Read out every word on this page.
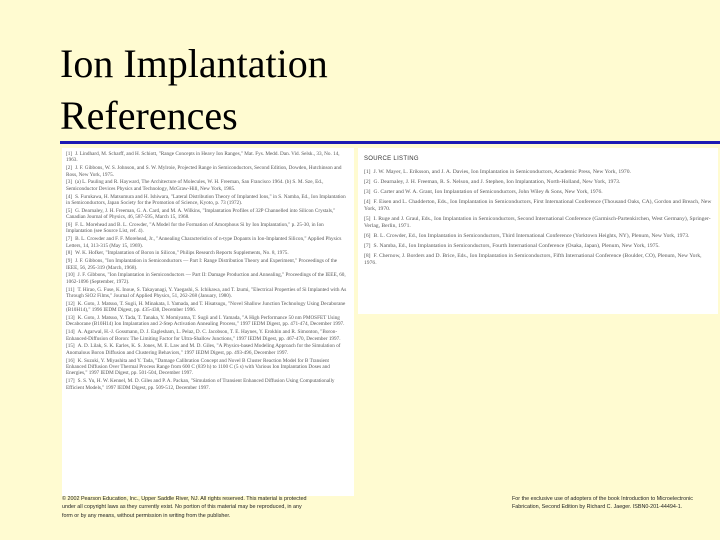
Ion Implantation
References
[1] J. Lindhard, M. Scharff, and H. Schiott, "Range Concepts in Heavy Ion Ranges," Mat. Fys. Medd. Dan. Vid. Selsk., 33, No. 14, 1963.
[2] J. F. Gibbons, W. S. Johnson, and S. W. Mylroie, Projected Range in Semiconductors, Second Edition, Dowden, Hutchinson and Ross, New York, 1975.
[3] (a) L. Pauling and R. Hayward, The Architecture of Molecules, W. H. Freeman, San Francisco 1964. (b) S. M. Sze, Ed., Semiconductor Devices Physics and Technology, McGraw-Hill, New York, 1985.
[4] S. Furukawa, H. Matsumura and H. Ishiwara, "Lateral Distribution Theory of Implanted Ions," in S. Namba, Ed., Ion Implantation in Semiconductors, Japan Society for the Promotion of Science, Kyoto, p. 73 (1972).
[5] G. Dearnaley, J. H. Freeman, G. A. Card, and M. A. Wilkins, "Implantation Profiles of 32P Channelled into Silicon Crystals," Canadian Journal of Physics, 46, 587-595, March 15, 1968.
[6] F. L. Morehead and B. L. Crowder, "A Model for the Formation of Amorphous Si by Ion Implantation," p. 25-30, in Ion Implantation (see Source List, ref. 4).
[7] B. L. Crowder and F. F. Morehead, Jr., "Annealing Characteristics of n-type Dopants in Ion-Implanted Silicon," Applied Physics Letters, 14, 313-315 (May 15, 1969).
[8] W. K. Hofker, "Implantation of Boron in Silicon," Philips Research Reports Supplements, No. 8, 1975.
[9] J. F. Gibbons, "Ion Implantation in Semiconductors — Part I: Range Distribution Theory and Experiment," Proceedings of the IEEE, 56, 295-319 (March, 1968).
[10] J. F. Gibbons, "Ion Implantation in Semiconductors — Part II: Damage Production and Annealing," Proceedings of the IEEE, 60, 1062-1096 (September, 1972).
[11] T. Hirao, G. Fuse, K. Inoue, S. Takayanagi, Y. Yaegashi, S. Ichikawa, and T. Izumi, "Electrical Properties of Si Implanted with As Through SiO2 Films," Journal of Applied Physics, 51, 262-268 (January, 1980).
[12] K. Goto, J. Matsuo, T. Sugii, H. Minakata, I. Yamada, and T. Hisatsugu, "Novel Shallow Junction Technology Using Decaborane (B10H14)," 1996 IEDM Digest, pp. 435-438, December 1996.
[13] K. Goto, J. Matsuo, Y. Tada, T. Tanaka, Y. Momiyama, T. Sugii and I. Yamada, "A High Performance 50 nm PMOSFET Using Decaborane (B10H14) Ion Implantation and 2-Step Activation Annealing Process," 1997 IEDM Digest, pp. 471-474, December 1997.
[14] A. Agarwal, H.-J. Gossmann, D. J. Eaglesham, L. Pelaz, D. C. Jacobson, T. E. Haynes, Y. Erokhin and R. Simonton, "Boron-Enhanced-Diffusion of Boron: The Limiting Factor for Ultra-Shallow Junctions," 1997 IEDM Digest, pp. 467-470, December 1997.
[15] A. D. Lilak, S. K. Earles, K. S. Jones, M. E. Law and M. D. Giles, "A Physics-based Modeling Approach for the Simulation of Anomalous Boron Diffusion and Clustering Behaviors," 1997 IEDM Digest, pp. 493-496, December 1997.
[16] K. Suzuki, Y. Miyashita and Y. Tada, "Damage Calibration Concept and Novel B Cluster Reaction Model for B Transient Enhanced Diffusion Over Thermal Process Range from 600 C (839 h) to 1100 C (5 s) with Various Ion Implantation Doses and Energies," 1997 IEDM Digest, pp. 501-504, December 1997.
[17] S. S. Yu, H. W. Kennel, M. D. Giles and P. A. Packan, "Simulation of Transient Enhanced Diffusion Using Computationally Efficient Models," 1997 IEDM Digest, pp. 509-512, December 1997.
SOURCE LISTING
[1] J. W. Mayer, L. Eriksson, and J. A. Davies, Ion Implantation in Semiconductors, Academic Press, New York, 1970.
[2] G. Dearnaley, J. H. Freeman, R. S. Nelson, and J. Stephen, Ion Implantation, North-Holland, New York, 1973.
[3] G. Carter and W. A. Grant, Ion Implantation of Semiconductors, John Wiley & Sons, New York, 1976.
[4] F. Eisen and L. Chadderton, Eds., Ion Implantation in Semiconductors, First International Conference (Thousand Oaks, CA), Gordon and Breach, New York, 1970.
[5] I. Ruge and J. Graul, Eds., Ion Implantation in Semiconductors, Second International Conference (Garmisch-Partenkirchen, West Germany), Springer-Verlag, Berlin, 1971.
[6] B. L. Crowder, Ed., Ion Implantation in Semiconductors, Third International Conference (Yorktown Heights, NY), Plenum, New York, 1973.
[7] S. Namba, Ed., Ion Implantation in Semiconductors, Fourth International Conference (Osaka, Japan), Plenum, New York, 1975.
[8] F. Chernow, J. Borders and D. Brice, Eds., Ion Implantation in Semiconductors, Fifth International Conference (Boulder, CO), Plenum, New York, 1976.
© 2002 Pearson Education, Inc., Upper Saddle River, NJ. All rights reserved. This material is protected under all copyright laws as they currently exist. No portion of this material may be reproduced, in any form or by any means, without permission in writing from the publisher.
For the exclusive use of adopters of the book Introduction to Microelectronic Fabrication, Second Edition by Richard C. Jaeger. ISBN0-201-44494-1.
